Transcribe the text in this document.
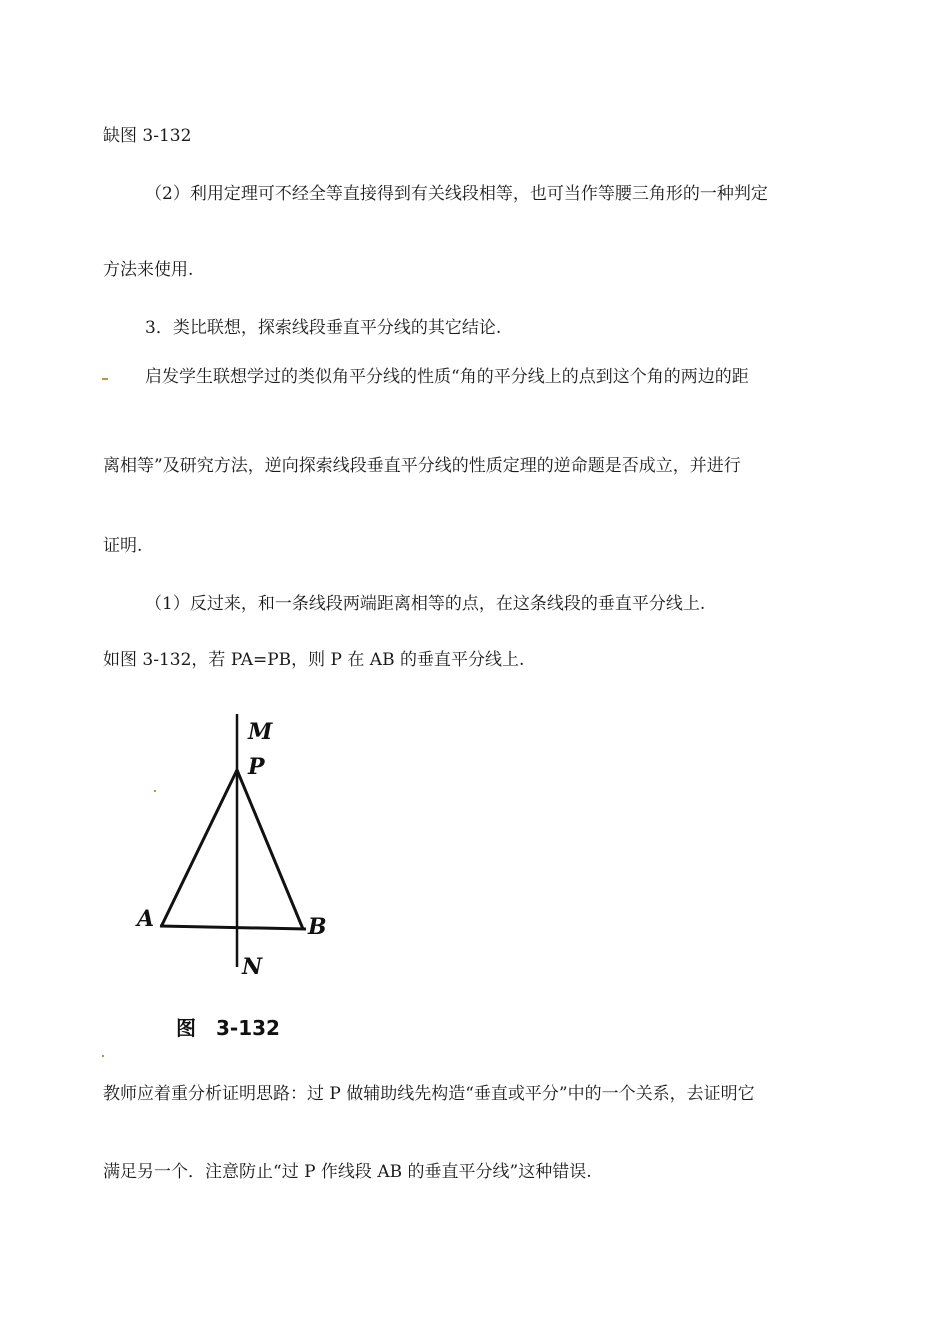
缺图 3-132
（2）利用定理可不经全等直接得到有关线段相等，也可当作等腰三角形的一种判定
方法来使用.
3．类比联想，探索线段垂直平分线的其它结论.
启发学生联想学过的类似角平分线的性质“角的平分线上的点到这个角的两边的距
离相等”及研究方法，逆向探索线段垂直平分线的性质定理的逆命题是否成立，并进行
证明.
（1）反过来，和一条线段两端距离相等的点，在这条线段的垂直平分线上.
如图 3-132，若 PA=PB，则 P 在 AB 的垂直平分线上.
M
P
A	B
N
图　3-132
教师应着重分析证明思路：过 P 做辅助线先构造“垂直或平分”中的一个关系，去证明它
满足另一个．注意防止“过 P 作线段 AB 的垂直平分线”这种错误.
